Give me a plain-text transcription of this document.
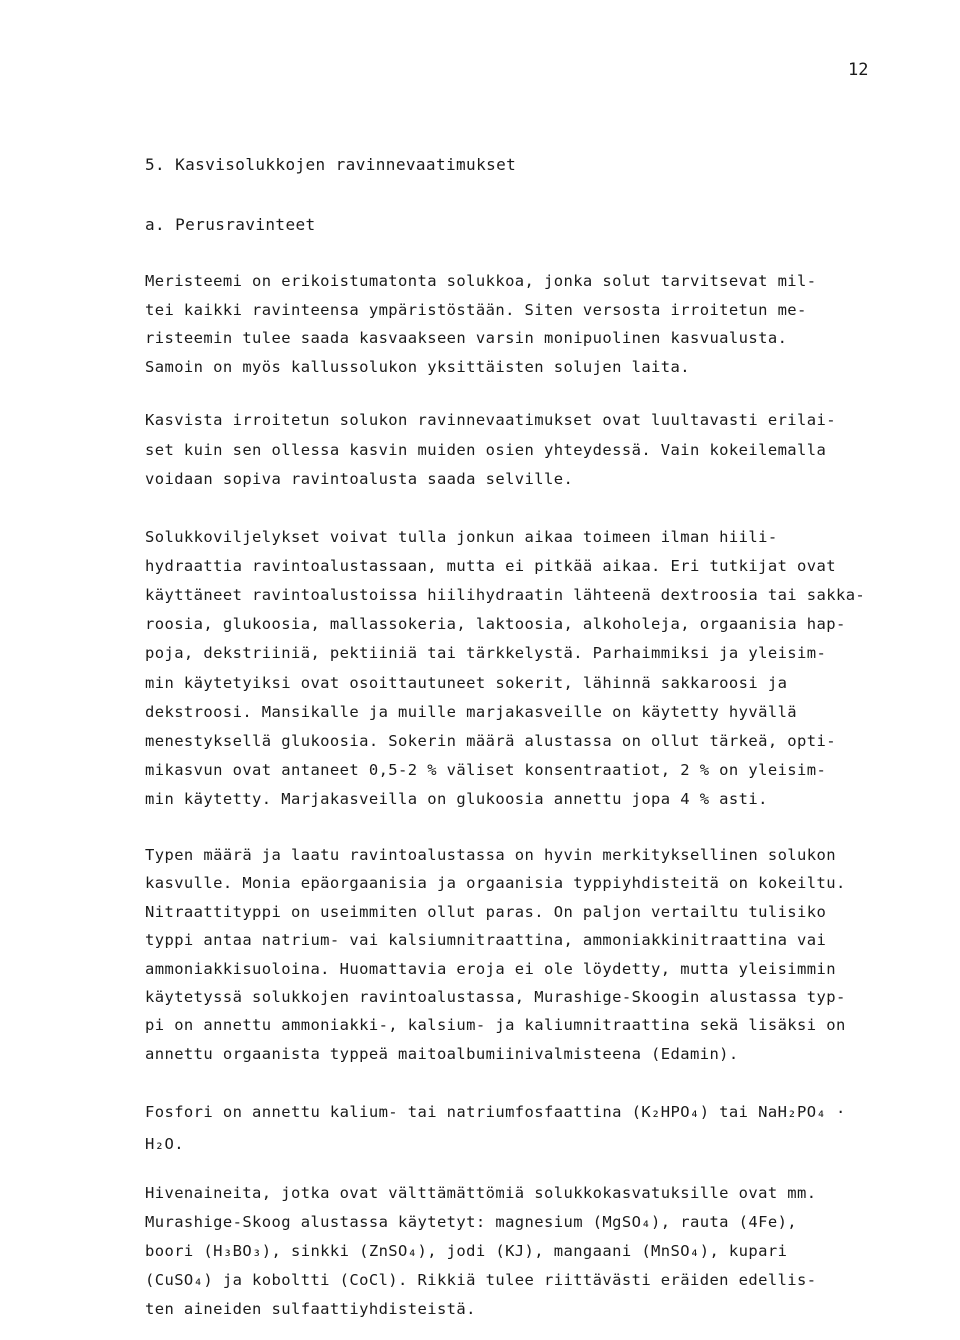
12
5. Kasvisolukkojen ravinnevaatimukset
a. Perusravinteet
Meristeemi on erikoistumatonta solukkoa, jonka solut tarvitsevat mil-
tei kaikki ravinteensa ympäristöstään. Siten versosta irroitetun me-
risteemin tulee saada kasvaakseen varsin monipuolinen kasvualusta.
Samoin on myös kallussolukon yksittäisten solujen laita.
Kasvista irroitetun solukon ravinnevaatimukset ovat luultavasti erilai-
set kuin sen ollessa kasvin muiden osien yhteydessä. Vain kokeilemalla
voidaan sopiva ravintoalusta saada selville.
Solukkoviljelykset voivat tulla jonkun aikaa toimeen ilman hiili-
hydraattia ravintoalustassaan, mutta ei pitkää aikaa. Eri tutkijat ovat
käyttäneet ravintoalustoissa hiilihydraatin lähteenä dextroosia tai sakka-
roosia, glukoosia, mallassokeria, laktoosia, alkoholeja, orgaanisia hap-
poja, dekstriiniä, pektiiniä tai tärkkelystä. Parhaimmiksi ja yleisim-
min käytetyiksi ovat osoittautuneet sokerit, lähinnä sakkaroosi ja
dekstroosi. Mansikalle ja muille marjakasveille on käytetty hyvällä
menestyksellä glukoosia. Sokerin määrä alustassa on ollut tärkeä, opti-
mikasvun ovat antaneet 0,5-2 % väliset konsentraatiot, 2 % on yleisim-
min käytetty. Marjakasveilla on glukoosia annettu jopa 4 % asti.
Typen määrä ja laatu ravintoalustassa on hyvin merkityksellinen solukon
kasvulle. Monia epäorgaanisia ja orgaanisia typpiyhdisteitä on kokeiltu.
Nitraattityppi on useimmiten ollut paras. On paljon vertailtu tulisiko
typpi antaa natrium- vai kalsiumnitraattina, ammoniakkinitraattina vai
ammoniakkisuoloina. Huomattavia eroja ei ole löydetty, mutta yleisimmin
käytetyssä solukkojen ravintoalustassa, Murashige-Skoogin alustassa typ-
pi on annettu ammoniakki-, kalsium- ja kaliumnitraattina sekä lisäksi on
annettu orgaanista typpeä maitoalbumiinivalmisteena (Edamin).
Fosfori on annettu kalium- tai natriumfosfaattina (K₂HPO₄) tai NaH₂PO₄ ·
H₂O.
Hivenaineita, jotka ovat välttämättömiä solukkokasvatuksille ovat mm.
Murashige-Skoog alustassa käytetyt: magnesium (MgSO₄), rauta (4Fe),
boori (H₃BO₃), sinkki (ZnSO₄), jodi (KJ), mangaani (MnSO₄), kupari
(CuSO₄) ja koboltti (CoCl). Rikkiä tulee riittävästi eräiden edellis-
ten aineiden sulfaattiyhdisteistä.
